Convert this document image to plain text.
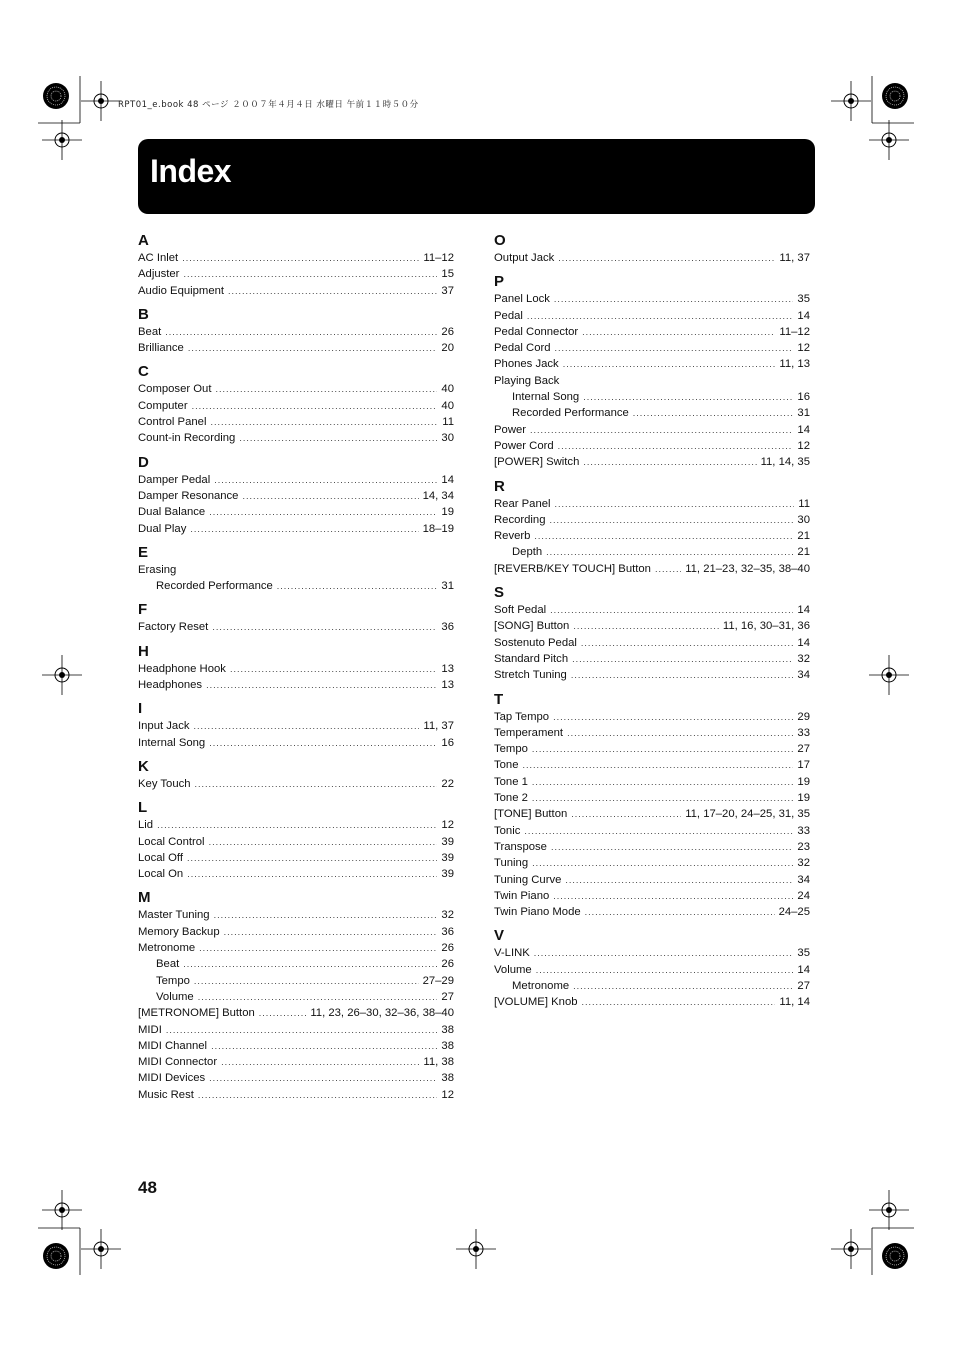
RPT01_e.book 48 ページ ２００７年４月４日 水曜日 午前１１時５０分
Index
A
AC Inlet .....	11–12
Adjuster .....	15
Audio Equipment .....	37
B
Beat .....	26
Brilliance .....	20
C
Composer Out .....	40
Computer .....	40
Control Panel .....	11
Count-in Recording .....	30
D
Damper Pedal .....	14
Damper Resonance .....	14, 34
Dual Balance .....	19
Dual Play .....	18–19
E
Erasing
Recorded Performance .....	31
F
Factory Reset .....	36
H
Headphone Hook .....	13
Headphones .....	13
I
Input Jack .....	11, 37
Internal Song .....	16
K
Key Touch .....	22
L
Lid .....	12
Local Control .....	39
Local Off .....	39
Local On .....	39
M
Master Tuning .....	32
Memory Backup .....	36
Metronome .....	26
Beat .....	26
Tempo .....	27–29
Volume .....	27
[METRONOME] Button .....	11, 23, 26–30, 32–36, 38–40
MIDI .....	38
MIDI Channel .....	38
MIDI Connector .....	11, 38
MIDI Devices .....	38
Music Rest .....	12
O
Output Jack .....	11, 37
P
Panel Lock .....	35
Pedal .....	14
Pedal Connector .....	11–12
Pedal Cord .....	12
Phones Jack .....	11, 13
Playing Back
Internal Song .....	16
Recorded Performance .....	31
Power .....	14
Power Cord .....	12
[POWER] Switch .....	11, 14, 35
R
Rear Panel .....	11
Recording .....	30
Reverb .....	21
Depth .....	21
[REVERB/KEY TOUCH] Button .....	11, 21–23, 32–35, 38–40
S
Soft Pedal .....	14
[SONG] Button .....	11, 16, 30–31, 36
Sostenuto Pedal .....	14
Standard Pitch .....	32
Stretch Tuning .....	34
T
Tap Tempo .....	29
Temperament .....	33
Tempo .....	27
Tone .....	17
Tone 1 .....	19
Tone 2 .....	19
[TONE] Button .....	11, 17–20, 24–25, 31, 35
Tonic .....	33
Transpose .....	23
Tuning .....	32
Tuning Curve .....	34
Twin Piano .....	24
Twin Piano Mode .....	24–25
V
V-LINK .....	35
Volume .....	14
Metronome .....	27
[VOLUME] Knob .....	11, 14
48
